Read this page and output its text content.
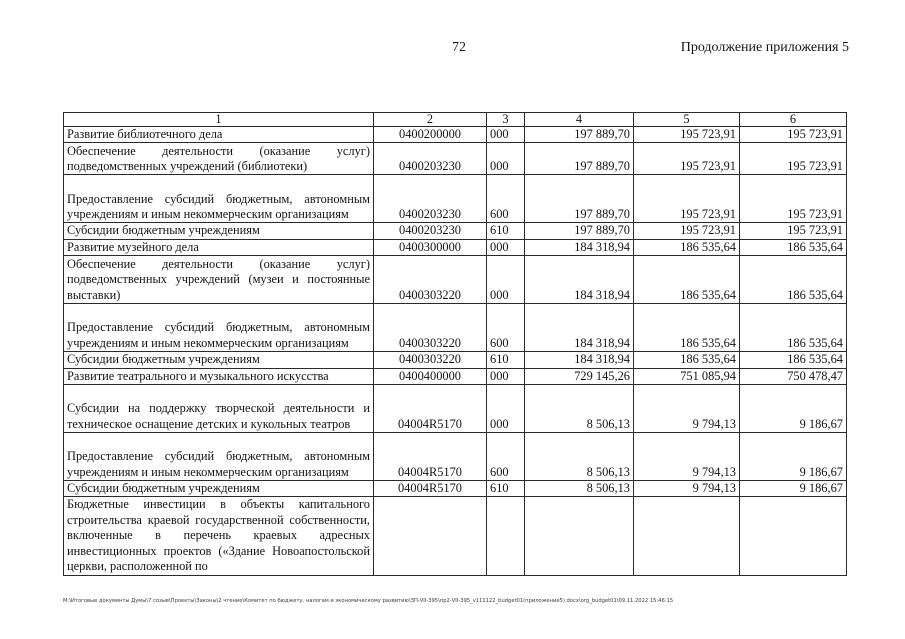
72	Продолжение приложения 5
1	2	3	4	5	6
Развитие библиотечного дела	0400200000	000	197 889,70	195 723,91	195 723,91
Обеспечение деятельности (оказание услуг) подведомственных учреждений (библиотеки)	0400203230	000	197 889,70	195 723,91	195 723,91
Предоставление субсидий бюджетным, автономным учреждениям и иным некоммерческим организациям	0400203230	600	197 889,70	195 723,91	195 723,91
Субсидии бюджетным учреждениям	0400203230	610	197 889,70	195 723,91	195 723,91
Развитие музейного дела	0400300000	000	184 318,94	186 535,64	186 535,64
Обеспечение деятельности (оказание услуг) подведомственных учреждений (музеи и постоянные выставки)	0400303220	000	184 318,94	186 535,64	186 535,64
Предоставление субсидий бюджетным, автономным учреждениям и иным некоммерческим организациям	0400303220	600	184 318,94	186 535,64	186 535,64
Субсидии бюджетным учреждениям	0400303220	610	184 318,94	186 535,64	186 535,64
Развитие театрального и музыкального искусства	0400400000	000	729 145,26	751 085,94	750 478,47
Субсидии на поддержку творческой деятельности и техническое оснащение детских и кукольных театров	04004R5170	000	8 506,13	9 794,13	9 186,67
Предоставление субсидий бюджетным, автономным учреждениям и иным некоммерческим организациям	04004R5170	600	8 506,13	9 794,13	9 186,67
Субсидии бюджетным учреждениям	04004R5170	610	8 506,13	9 794,13	9 186,67
Бюджетные инвестиции в объекты капитального строительства краевой государственной собственности, включенные в перечень краевых адресных инвестиционных проектов («Здание Новоапостольской церкви, расположенной по					
M:\Итоговые документы Думы\7 созыв\Проекты\Законы\2 чтение\Комитет по бюджету, налогам и экономическому развитию\ЗП-VII-395\пр2-VII-395_v111122_budget01(приложение5).docx\org_budget01\09.11.2022 15:46:15
